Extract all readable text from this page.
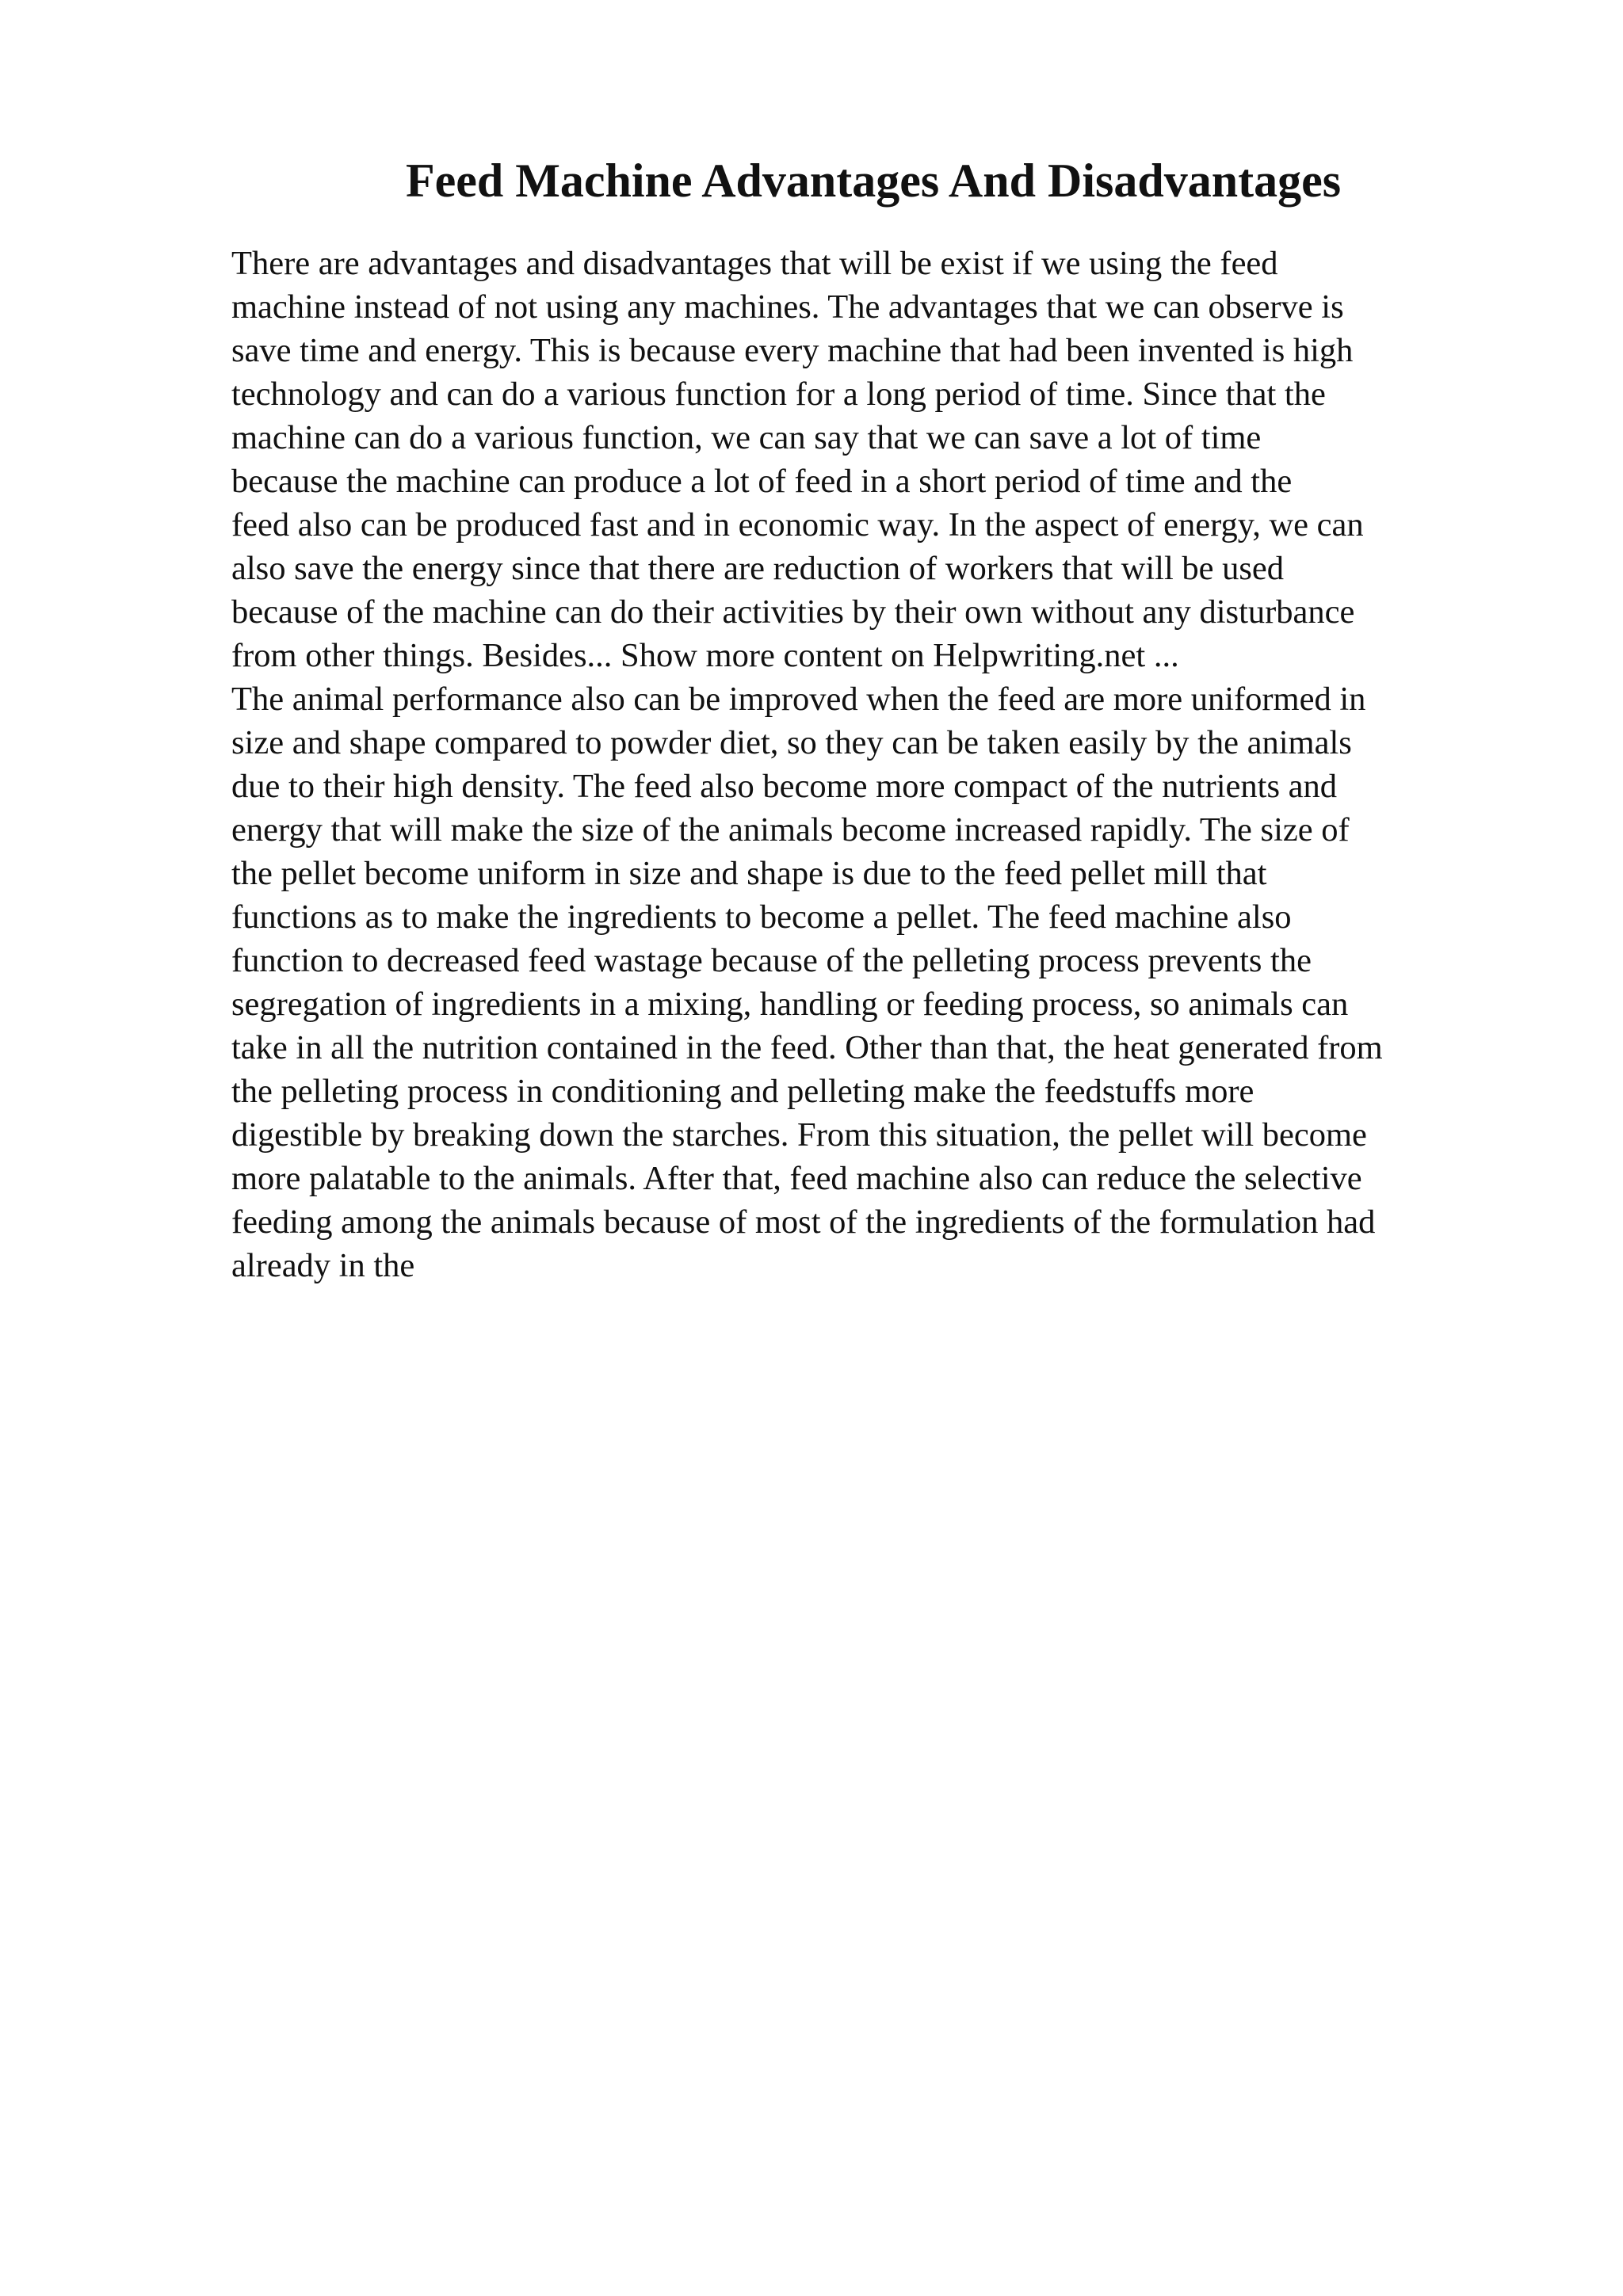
Feed Machine Advantages And Disadvantages
There are advantages and disadvantages that will be exist if we using the feed
machine instead of not using any machines. The advantages that we can observe is
save time and energy. This is because every machine that had been invented is high
technology and can do a various function for a long period of time. Since that the
machine can do a various function, we can say that we can save a lot of time
because the machine can produce a lot of feed in a short period of time and the
feed also can be produced fast and in economic way. In the aspect of energy, we can
also save the energy since that there are reduction of workers that will be used
because of the machine can do their activities by their own without any disturbance
from other things. Besides... Show more content on Helpwriting.net ...
The animal performance also can be improved when the feed are more uniformed in
size and shape compared to powder diet, so they can be taken easily by the animals
due to their high density. The feed also become more compact of the nutrients and
energy that will make the size of the animals become increased rapidly. The size of
the pellet become uniform in size and shape is due to the feed pellet mill that
functions as to make the ingredients to become a pellet. The feed machine also
function to decreased feed wastage because of the pelleting process prevents the
segregation of ingredients in a mixing, handling or feeding process, so animals can
take in all the nutrition contained in the feed. Other than that, the heat generated from
the pelleting process in conditioning and pelleting make the feedstuffs more
digestible by breaking down the starches. From this situation, the pellet will become
more palatable to the animals. After that, feed machine also can reduce the selective
feeding among the animals because of most of the ingredients of the formulation had
already in the
